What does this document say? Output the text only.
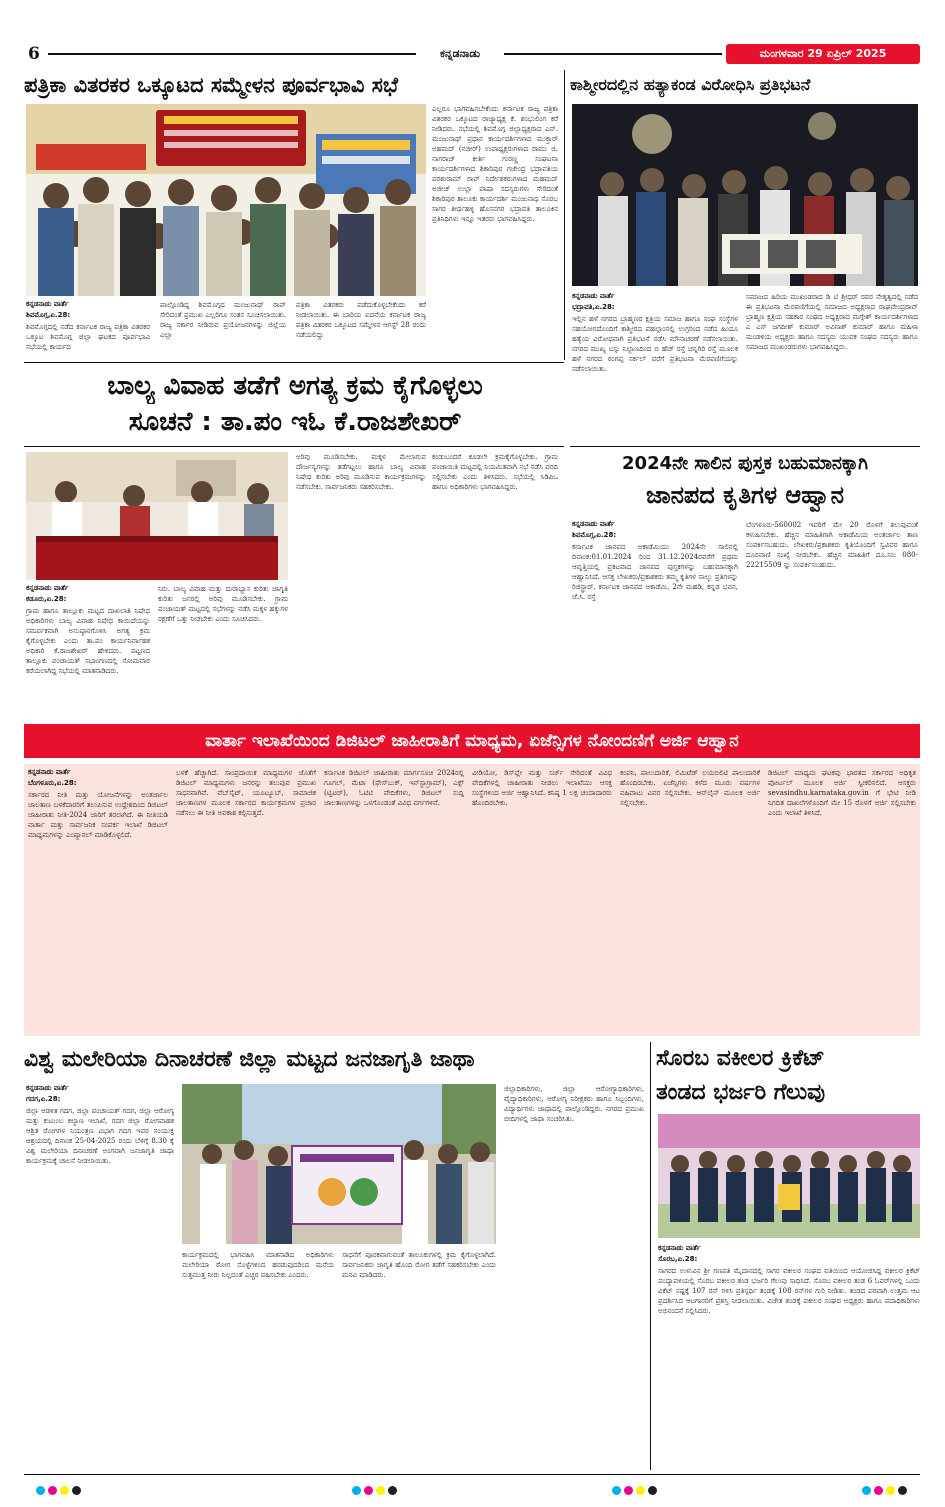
6	ಕನ್ನಡನಾಡು	ಮಂಗಳವಾರ 29 ಏಪ್ರಿಲ್ 2025
ಪತ್ರಿಕಾ ವಿತರಕರ ಒಕ್ಕೂಟದ ಸಮ್ಮೇಳನ ಪೂರ್ವಭಾವಿ ಸಭೆ
ಕನ್ನಡನಾಡು ವಾರ್ತೆ
ಶಿವಮೊಗ್ಗ,ಏ.28:
ಶಿವಮೊಗ್ಗದಲ್ಲಿ ನಡೆದ ಕರ್ನಾಟಕ ರಾಜ್ಯ ಪತ್ರಿಕಾ ವಿತರಕರ ಒಕ್ಕೂಟ ಶಿವಮೊಗ್ಗ ಜಿಲ್ಲಾ ಘಟಕದ ಪೂರ್ವಭಾವಿ ಸಭೆಯಲ್ಲಿ ಕಾರ್ಯದ
ಪಾಲ್ಗೊಂಡಿದ್ದ ಶಿವಮೊಗ್ಗದ ಮಂಜುನಾಥ್ ರಾವ್ ಸೇರಿದಂತೆ ಪ್ರಮುಖ ಎಲ್ಲರಿಗೂ ಸಂತಸ ಸೂಚಿಸಲಾಯಿತು. ರಾಜ್ಯ ಸರ್ಕಾರ ನೀಡಿರುವ ಪ್ರಯೋಜನಗಳನ್ನು ಜಿಲ್ಲೆಯ ಎಲ್ಲಾ
ಪತ್ರಿಕಾ ವಿತರಕರು ಪಡೆದುಕೊಳ್ಳಬೇಕೆಂದು ಕರೆ ನೀಡಲಾಯಿತು. ಈ ಬಾರಿಯ ಐದನೆಯ ಕರ್ನಾಟಕ ರಾಜ್ಯ ಪತ್ರಿಕಾ ವಿತರಕರ ಒಕ್ಕೂಟದ ಸಮ್ಮೇಳನ ಆಗಸ್ಟ್ 28 ರಂದು ನಡೆಯಲಿದ್ದು
ಎಲ್ಲರೂ ಭಾಗವಹಿಸಬೇಕೆಂದು ಕರ್ನಾಟಕ ರಾಜ್ಯ ಪತ್ರಿಕಾ ವಿತರಕರ ಒಕ್ಕೂಟದ ರಾಜ್ಯಾಧ್ಯಕ್ಷ ಕೆ. ಶಂಭುಲಿಂಗ ಕರೆ ನೀಡಿದರು. ಸಭೆಯಲ್ಲಿ ಶಿವಮೊಗ್ಗ ಜಿಲ್ಲಾಧ್ಯಕ್ಷರಾದ ಎನ್. ಮಂಜುನಾಥ್ ಪ್ರಧಾನ ಕಾರ್ಯದರ್ಶಿಗಳಾದ ಮುಕ್ತಾರ್ ಅಹಮದ್ (ನಜೀರ್) ಉಪಾಧ್ಯಕ್ಷರುಗಳಾದ ರಾಮು ಜಿ. ನಾಗರಾಜ್ ಕೀರ್ತಿ ಗುರಣ್ಣ ಸಂಘಟನಾ ಕಾರ್ಯದರ್ಶಿಗಳಾದ ಶಿಕಾರಿಪುರ ಗಜೇಂದ್ರ ಭದ್ರಾವತಿಯ ಪರಶುರಾಮ್ ರಾವ್ ನಿರ್ದೇಶಕರುಗಳಾದ ಮಹಮದ್ ಅಜೀಜ್ ಉಲ್ಲಾ ಪಾಷಾ ಸದಸ್ಯರುಗಳು ಸೇರಿದಂತೆ ಶಿಕಾರಿಪುರ ತಾಲೂಕು ಕಾರ್ಯದರ್ಶಿ ಮಂಜುನಾಥ ಸೊರಬ ಸಾಗರ ತೀರ್ಥಹಳ್ಳಿ ಹೊಸನಗರ ಭದ್ರಾವತಿ ತಾಲೂಕಿನ ಪ್ರತಿನಿಧಿಗಳು ಇನ್ನೂ ಇತರರು ಭಾಗವಹಿಸಿದ್ದರು.
ಕಾಶ್ಮೀರದಲ್ಲಿನ ಹತ್ಯಾಕಂಡ ವಿರೋಧಿಸಿ ಪ್ರತಿಭಟನೆ
ಕನ್ನಡನಾಡು ವಾರ್ತೆ
ಭದ್ರಾವತಿ,ಏ.28:
ಇಲ್ಲಿನ ಹಳೆ ನಗರದ ಬ್ರಾಹ್ಮಣರ ಕ್ಷತ್ರಿಯ ಸಮಾಜ ಹಾಗೂ ಸಂಘ ಸಂಸ್ಥೆಗಳ ಸಹಯೋಗದೊಂದಿಗೆ ಕಾಶ್ಮೀರದ ಪಹಲ್ಗಾಂನಲ್ಲಿ ಉಗ್ರರಿಂದ ನಡೆದ ಹಿಂದೂ ಹತ್ಯೆಯ ವಿರೋಧವಾಗಿ ಪ್ರತಿಭಟನೆ ನಡೆಸಿ ಮೌನಾಚರಣೆ ನಡೆಸಲಾಯಿತು. ನಗರದ ಮುಖ್ಯ ಬಸ್ಸು ನಿಲ್ದಾಣದಿಂದ ಬಿ ಹೆಚ್ ರಸ್ತೆ ಚನ್ನಗಿರಿ ರಸ್ತೆ ಮೂಲಕ ಹಳೆ ನಗರದ ರಂಗಪ್ಪ ಸರ್ಕಲ್ ವರೆಗೆ ಪ್ರತಿಭಟನಾ ಮೆರವಣಿಗೆಯನ್ನು ನಡೆಸಲಾಯಿತು.
ಸಮಾಜದ ಹಿರಿಯ ಮುಖಂಡರಾದ ಡಿ ಟಿ ಶ್ರೀಧರ್ ರವರ ನೇತೃತ್ವದಲ್ಲಿ ನಡೆದ ಈ ಪ್ರತಿಭಟನಾ ಮೆರವಣಿಗೆಯಲ್ಲಿ ಸಮಾಜದ ಅಧ್ಯಕ್ಷರಾದ ರಾಘವೇಂದ್ರರಾವ್ ಬ್ರಾಹ್ಮಣ ಕ್ಷತ್ರಿಯ ಸಹಕಾರ ಸಂಘದ ಅಧ್ಯಕ್ಷರಾದ ಮಗ್ಗೇಶ್ ಕಾರ್ಯದರ್ಶಿಗಳಾದ ಎ ಎಸ್ ಜಗದೀಶ್ ಕುಮಾರ್ ಅವಿನಾಶ್ ಕುಮಾರ್ ಹಾಗೂ ಮಹಿಳಾ ಮಂಡಳಿಯ ಅಧ್ಯಕ್ಷರು ಹಾಗೂ ಸದಸ್ಯರು ಯುವಕ ಸಂಘದ ಸದಸ್ಯರು ಹಾಗೂ ಸಮಾಜದ ಮುಖಂಡರುಗಳು ಭಾಗವಹಿಸಿದ್ದರು.
ಬಾಲ್ಯ ವಿವಾಹ ತಡೆಗೆ ಅಗತ್ಯ ಕ್ರಮ ಕೈಗೊಳ್ಳಲು
ಸೂಚನೆ : ತಾ.ಪಂ ಇಓ ಕೆ.ರಾಜಶೇಖರ್
ಕನ್ನಡನಾಡು ವಾರ್ತೆ
ಕಡೂರು,ಏ.28:
ಗ್ರಾಮ ಹಾಗೂ ತಾಲ್ಲೂಕು ಮಟ್ಟದ ದಾಖಲಾತಿ ನಿಷೇಧ ಅಧಿಕಾರಿಗಳು ಬಾಲ್ಯ ವಿವಾಹ ನಿಷೇಧ ಕಾಯಿದೆಯನ್ನು ಸಮರ್ಪಕವಾಗಿ ಅನುಷ್ಠಾನಗೊಳಿಸಿ ಅಗತ್ಯ ಕ್ರಮ ಕೈಗೊಳ್ಳಬೇಕು ಎಂದು ತಾ.ಪಂ ಕಾರ್ಯನಿರ್ವಾಹಕ ಅಧಿಕಾರಿ ಕೆ.ರಾಜಶೇಖರ್ ಹೇಳಿದರು. ಪಟ್ಟಣದ ತಾಲ್ಲೂಕು ಪಂಚಾಯತ್ ಸಭಾಂಗಣದಲ್ಲಿ ಸೋಮವಾರ ಕರೆಯಲಾಗಿದ್ದ ಸಭೆಯಲ್ಲಿ ಮಾತನಾಡಿದರು.
ನಿರು. ಬಾಲ್ಯ ವಿವಾಹ ಮತ್ತು ದುರಾಭ್ಯಾಸ ಕುರಿತು ಜಾಗೃತಿ ಕುರಿತು ಜನರಲ್ಲಿ ಅರಿವು ಮೂಡಿಸಬೇಕು. ಗ್ರಾಮ ಪಂಚಾಯತ್ ಮಟ್ಟದಲ್ಲಿ ಸಭೆಗಳನ್ನು ನಡೆಸಿ ಮಕ್ಕಳ ಹಕ್ಕುಗಳ ರಕ್ಷಣೆಗೆ ಒತ್ತು ನೀಡಬೇಕು ಎಂದು ಸೂಚಿಸಿದರು.
ಅರಿವು ಮೂಡಿಸಬೇಕು. ಮಕ್ಕಳ ಮೇಲಾಗುವ ದೌರ್ಜನ್ಯಗಳನ್ನು ತಡೆಗಟ್ಟಲು ಹಾಗೂ ಬಾಲ್ಯ ವಿವಾಹ ನಿಷೇಧ ಕುರಿತು ಅರಿವು ಮೂಡಿಸುವ ಕಾರ್ಯಕ್ರಮಗಳನ್ನು ನಡೆಸಬೇಕು. ಸಾರ್ವಜನಿಕರು ಸಹಕರಿಸಬೇಕು.
ಕಂಡುಬಂದರೆ ಕೂಡಲೇ ಕ್ರಮಕೈಗೊಳ್ಳಬೇಕು. ಗ್ರಾಮ ಪಂಚಾಯಿತಿ ಮಟ್ಟದಲ್ಲಿ ನಿಯಮಿತವಾಗಿ ಸಭೆ ನಡೆಸಿ ವರದಿ ಸಲ್ಲಿಸಬೇಕು ಎಂದು ತಿಳಿಸಿದರು. ಸಭೆಯಲ್ಲಿ ಸಿಡಿಪಿಒ ಹಾಗೂ ಅಧಿಕಾರಿಗಳು ಭಾಗವಹಿಸಿದ್ದರು.
2024ನೇ ಸಾಲಿನ ಪುಸ್ತಕ ಬಹುಮಾನಕ್ಕಾಗಿ
ಜಾನಪದ ಕೃತಿಗಳ ಆಹ್ವಾನ
ಕನ್ನಡನಾಡು ವಾರ್ತೆ
ಶಿವಮೊಗ್ಗ,ಏ.28:
ಕರ್ನಾಟಕ ಜಾನಪದ ಅಕಾಡೆಮಿಯು 2024ನೇ ಸಾಲಿನಲ್ಲಿ ದಿನಾಂಕ:01.01.2024 ರಿಂದ 31.12.2024ರವರೆಗೆ ಪ್ರಥಮ ಆವೃತ್ತಿಯಲ್ಲಿ ಪ್ರಕಟವಾದ ಜಾನಪದ ಪುಸ್ತಕಗಳನ್ನು ಬಹುಮಾನಕ್ಕಾಗಿ ಆಹ್ವಾನಿಸಿದೆ. ಆಸಕ್ತ ಲೇಖಕರು/ಪ್ರಕಾಶಕರು ತಮ್ಮ ಕೃತಿಗಳ ನಾಲ್ಕು ಪ್ರತಿಗಳನ್ನು ರಿಜಿಸ್ಟ್ರಾರ್, ಕರ್ನಾಟಕ ಜಾನಪದ ಅಕಾಡೆಮಿ, 2ನೇ ಮಹಡಿ, ಕನ್ನಡ ಭವನ, ಜೆ.ಸಿ. ರಸ್ತೆ
ಬೆಂಗಳೂರು-560002 ಇವರಿಗೆ ಮೇ 20 ರೊಳಗೆ ತಲುಪುವಂತೆ ಕಳುಹಿಸಬೇಕು. ಹೆಚ್ಚಿನ ಮಾಹಿತಿಗಾಗಿ ಅಕಾಡೆಮಿಯ ಅಂತರ್ಜಾಲ ತಾಣ ಸಂಪರ್ಕಿಸಬಹುದು. ಲೇಖಕರು/ಪ್ರಕಾಶಕರು ಕೃತಿಯೊಂದಿಗೆ ಸ್ವವಿವರ ಹಾಗೂ ದೂರವಾಣಿ ಸಂಖ್ಯೆ ನೀಡಬೇಕು. ಹೆಚ್ಚಿನ ಮಾಹಿತಿಗೆ ದೂ.ಸಂ: 080-22215509 ನ್ನು ಸಂಪರ್ಕಿಸಬಹುದು.
ವಾರ್ತಾ ಇಲಾಖೆಯಿಂದ ಡಿಜಿಟಲ್ ಜಾಹೀರಾತಿಗೆ ಮಾಧ್ಯಮ, ಏಜೆನ್ಸಿಗಳ ನೋಂದಣಿಗೆ ಅರ್ಜಿ ಆಹ್ವಾನ
ಕನ್ನಡನಾಡು ವಾರ್ತೆ
ಬೆಂಗಳೂರು,ಏ.28:
ಸರ್ಕಾರದ ನೀತಿ ಮತ್ತು ಯೋಜನೆಗಳನ್ನು ಅಂತರ್ಜಾಲ ಜಾಲತಾಣ ಬಳಕೆದಾರರಿಗೆ ತಲುಪಿಸುವ ಉದ್ದೇಶದಿಂದ ಡಿಜಿಟಲ್ ಜಾಹೀರಾತು ನೀತಿ-2024 ಜಾರಿಗೆ ತರಲಾಗಿದೆ. ಈ ನೀತಿಯಡಿ ವಾರ್ತಾ ಮತ್ತು ಸಾರ್ವಜನಿಕ ಸಂಪರ್ಕ ಇಲಾಖೆ ಡಿಜಿಟಲ್ ಮಾಧ್ಯಮಗಳನ್ನು ಎಂಪ್ಯಾನಲ್ ಮಾಡಿಕೊಳ್ಳಲಿದೆ.
ಬಳಕೆ ಹೆಚ್ಚಾಗಿದೆ. ಸಾಂಪ್ರದಾಯಿಕ ಮಾಧ್ಯಮಗಳ ಜೊತೆಗೆ ಡಿಜಿಟಲ್ ಮಾಧ್ಯಮಗಳು ಜನರನ್ನು ತಲುಪುವ ಪ್ರಮುಖ ಸಾಧನವಾಗಿವೆ. ವೆಬ್‌ಸೈಟ್, ಯೂಟ್ಯೂಬ್, ಸಾಮಾಜಿಕ ಜಾಲತಾಣಗಳ ಮೂಲಕ ಸರ್ಕಾರದ ಕಾರ್ಯಕ್ರಮಗಳ ಪ್ರಚಾರ ನಡೆಸಲು ಈ ನೀತಿ ಅವಕಾಶ ಕಲ್ಪಿಸುತ್ತದೆ.
ಕರ್ನಾಟಕ ಡಿಜಿಟಲ್ ಜಾಹೀರಾತು ಮಾರ್ಗಸೂಚಿ 2024ರಲ್ಲಿ ಗೂಗಲ್, ಮೆಟಾ (ಫೇಸ್‌ಬುಕ್, ಇನ್‌ಸ್ಟಾಗ್ರಾಮ್), ಎಕ್ಸ್ (ಟ್ವಿಟರ್), ಓಟಿಟಿ ವೇದಿಕೆಗಳು, ಡಿಜಿಟಲ್ ಸುದ್ದಿ ಜಾಲತಾಣಗಳನ್ನು ಒಳಗೊಂಡಂತೆ ವಿವಿಧ ವರ್ಗಗಳಿವೆ.
ವೀಡಿಯೋ, ಡಿಸ್‌ಪ್ಲೇ ಮತ್ತು ಸರ್ಚ್ ಸೇರಿದಂತೆ ವಿವಿಧ ವೇದಿಕೆಗಳಲ್ಲಿ ಜಾಹೀರಾತು ನೀಡಲು ಇಲಾಖೆಯು ಆಸಕ್ತ ಸಂಸ್ಥೆಗಳಿಂದ ಅರ್ಜಿ ಆಹ್ವಾನಿಸಿದೆ. ಕನಿಷ್ಠ 1 ಲಕ್ಷ ಚಂದಾದಾರರು ಹೊಂದಿರಬೇಕು.
ಕಂಪನಿ, ಪಾಲುದಾರಿಕೆ, ಲಿಮಿಟೆಡ್ ಲಯಬಿಲಿಟಿ ಪಾಲುದಾರಿಕೆ ಹೊಂದಿರಬೇಕು. ಏಜೆನ್ಸಿಗಳು ಕಳೆದ ಮೂರು ವರ್ಷಗಳ ವಹಿವಾಟು ವಿವರ ಸಲ್ಲಿಸಬೇಕು. ಆನ್‌ಲೈನ್ ಮೂಲಕ ಅರ್ಜಿ ಸಲ್ಲಿಸಬೇಕು.
ಡಿಜಿಟಲ್ ಮಾಧ್ಯಮ ಘಟಕವು ಭಾರತದ ಸರ್ಕಾರದ ಅಧಿಕೃತ ಪೋರ್ಟಲ್ ಮೂಲಕ ಅರ್ಜಿ ಸ್ವೀಕರಿಸಲಿದೆ. ಆಸಕ್ತರು sevasindhu.karnataka.gov.in ಗೆ ಭೇಟಿ ನೀಡಿ ನಿಗದಿತ ದಾಖಲೆಗಳೊಂದಿಗೆ ಮೇ 15 ರೊಳಗೆ ಅರ್ಜಿ ಸಲ್ಲಿಸಬೇಕು ಎಂದು ಇಲಾಖೆ ತಿಳಿಸಿದೆ.
ವಿಶ್ವ ಮಲೇರಿಯಾ ದಿನಾಚರಣೆ ಜಿಲ್ಲಾ ಮಟ್ಟದ ಜನಜಾಗೃತಿ ಜಾಥಾ
ಕನ್ನಡನಾಡು ವಾರ್ತೆ
ಗದಗ,ಏ.28:
ಜಿಲ್ಲಾ ಆಡಳಿತ ಗದಗ, ಜಿಲ್ಲಾ ಪಂಚಾಯತ್ ಗದಗ, ಜಿಲ್ಲಾ ಆರೋಗ್ಯ ಮತ್ತು ಕುಟುಂಬ ಕಲ್ಯಾಣ ಇಲಾಖೆ, ಗದಗ ಜಿಲ್ಲಾ ರೋಗವಾಹಕ ಆಶ್ರಿತ ರೋಗಗಳ ನಿಯಂತ್ರಣ ವಿಭಾಗ ಗದಗ ಇವರ ಸಂಯುಕ್ತ ಆಶ್ರಯದಲ್ಲಿ ದಿನಾಂಕ 25-04-2025 ರಂದು ಬೆಳಿಗ್ಗೆ 8.30 ಕ್ಕೆ ವಿಶ್ವ ಮಲೇರಿಯಾ ದಿನಾಚರಣೆ ಅಂಗವಾಗಿ ಜನಜಾಗೃತಿ ಜಾಥಾ ಕಾರ್ಯಕ್ರಮಕ್ಕೆ ಚಾಲನೆ ನೀಡಲಾಯಿತು.
ಕಾರ್ಯಕ್ರಮದಲ್ಲಿ ಭಾಗವಹಿಸಿ ಮಾತನಾಡಿದ ಅಧಿಕಾರಿಗಳು ಮಲೇರಿಯಾ ರೋಗ ಸೊಳ್ಳೆಗಳಿಂದ ಹರಡುವುದರಿಂದ ಮನೆಯ ಸುತ್ತಮುತ್ತ ನೀರು ನಿಲ್ಲದಂತೆ ಎಚ್ಚರ ವಹಿಸಬೇಕು ಎಂದರು.
ಸಾಧನೆಗೆ ಪೂರಕವಾಗುವಂತೆ ತಾಲೂಕುಗಳಲ್ಲಿ ಕ್ರಮ ಕೈಗೊಳ್ಳಲಾಗಿದೆ. ಸಾರ್ವಜನಿಕರು ಜಾಗೃತಿ ಹೊಂದಿ ರೋಗ ತಡೆಗೆ ಸಹಕರಿಸಬೇಕು ಎಂದು ಮನವಿ ಮಾಡಿದರು.
ಜಿಲ್ಲಾಧಿಕಾರಿಗಳು, ಜಿಲ್ಲಾ ಆರೋಗ್ಯಾಧಿಕಾರಿಗಳು, ವೈದ್ಯಾಧಿಕಾರಿಗಳು, ಆರೋಗ್ಯ ನಿರೀಕ್ಷಕರು ಹಾಗೂ ಸಿಬ್ಬಂದಿಗಳು, ವಿದ್ಯಾರ್ಥಿಗಳು ಜಾಥಾದಲ್ಲಿ ಪಾಲ್ಗೊಂಡಿದ್ದರು. ನಗರದ ಪ್ರಮುಖ ಬೀದಿಗಳಲ್ಲಿ ಜಾಥಾ ಸಂಚರಿಸಿತು.
ಸೊರಬ ವಕೀಲರ ಕ್ರಿಕೆಟ್
ತಂಡದ ಭರ್ಜರಿ ಗೆಲುವು
ಕನ್ನಡನಾಡು ವಾರ್ತೆ
ಸೊರಬ,ಏ.28:
ಸಾಗರದ ಉಳುವಿನ ಶ್ರೀ ಗಣಪತಿ ಮೈದಾನದಲ್ಲಿ ಸಾಗರ ವಕೀಲರ ಸಂಘದ ವತಿಯಿಂದ ಆಯೋಜಿಸಿದ್ದ ವಕೀಲರ ಕ್ರಿಕೆಟ್ ಪಂದ್ಯಾವಳಿಯಲ್ಲಿ ಸೊರಬ ವಕೀಲರ ತಂಡ ಭರ್ಜರಿ ಗೆಲುವು ಸಾಧಿಸಿದೆ. ಸೊರಬ ವಕೀಲರ ತಂಡ 6 ಓವರ್‌ಗಳಲ್ಲಿ ಒಂದು ವಿಕೆಟ್ ನಷ್ಟಕ್ಕೆ 107 ರನ್ ಗಳಿಸಿ ಪ್ರತಿಸ್ಪರ್ಧಿ ತಂಡಕ್ಕೆ 108 ರನ್‌ಗಳ ಗುರಿ ನೀಡಿತು. ತಂಡದ ಪರವಾಗಿ ಉತ್ತಮ ಆಟ ಪ್ರದರ್ಶಿಸಿದ ಆಟಗಾರರಿಗೆ ಪ್ರಶಸ್ತಿ ನೀಡಲಾಯಿತು. ವಿಜೇತ ತಂಡಕ್ಕೆ ವಕೀಲರ ಸಂಘದ ಅಧ್ಯಕ್ಷರು ಹಾಗೂ ಪದಾಧಿಕಾರಿಗಳು ಅಭಿನಂದನೆ ಸಲ್ಲಿಸಿದರು.
